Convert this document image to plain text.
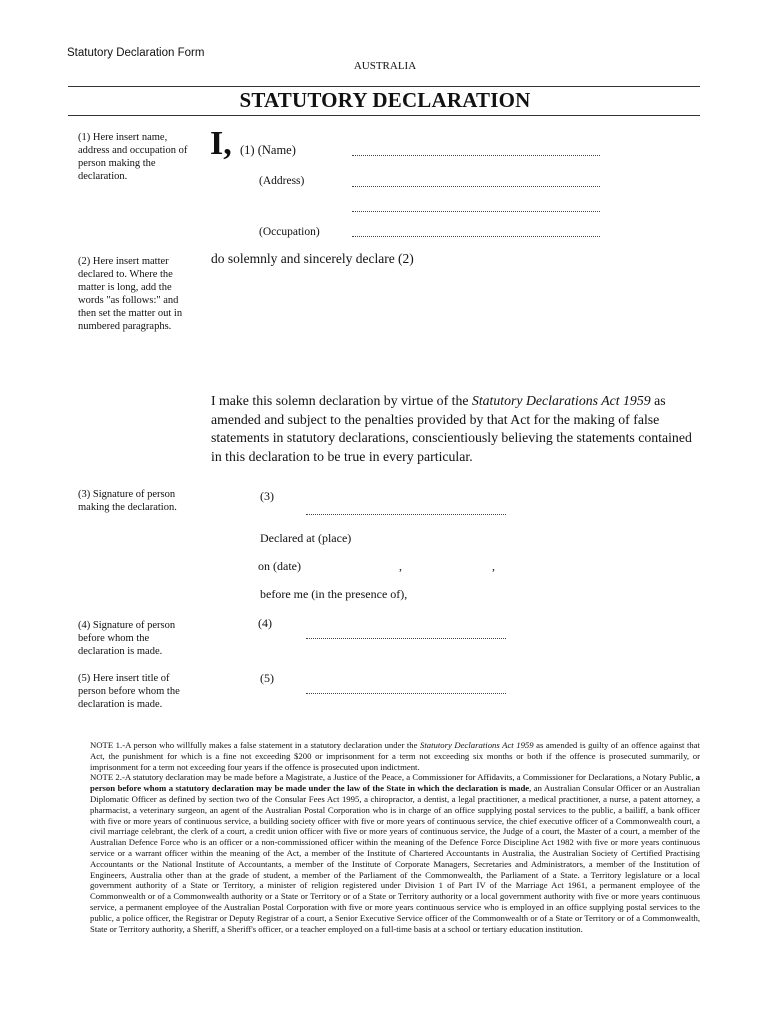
Statutory Declaration Form
AUSTRALIA
STATUTORY DECLARATION
(1) Here insert name, address and occupation of person making the declaration.
I, (1) (Name)
(Address)
(Occupation)
(2) Here insert matter declared to. Where the matter is long, add the words "as follows:" and then set the matter out in numbered paragraphs.
do solemnly and sincerely declare (2)
I make this solemn declaration by virtue of the Statutory Declarations Act 1959 as amended and subject to the penalties provided by that Act for the making of false statements in statutory declarations, conscientiously believing the statements contained in this declaration to be true in every particular.
(3) Signature of person making the declaration.
(3)
Declared at (place)
on (date)	,	,
before me (in the presence of),
(4) Signature of person before whom the declaration is made.
(4)
(5) Here insert title of person before whom the declaration is made.
(5)

NOTE 1.-A person who willfully makes a false statement in a statutory declaration under the Statutory Declarations Act 1959 as amended is guilty of an offence against that Act, the punishment for which is a fine not exceeding $200 or imprisonment for a term not exceeding six months or both if the offence is prosecuted summarily, or imprisonment for a term not exceeding four years if the offence is prosecuted upon indictment.

NOTE 2.-A statutory declaration may be made before a Magistrate, a Justice of the Peace, a Commissioner for Affidavits, a Commissioner for Declarations, a Notary Public, a person before whom a statutory declaration may be made under the law of the State in which the declaration is made, an Australian Consular Officer or an Australian Diplomatic Officer as defined by section two of the Consular Fees Act 1995, a chiropractor, a dentist, a legal practitioner, a medical practitioner, a nurse, a patent attorney, a pharmacist, a veterinary surgeon, an agent of the Australian Postal Corporation who is in charge of an office supplying postal services to the public, a bailiff, a bank officer with five or more years of continuous service, a building society officer with five or more years of continuous service, the chief executive officer of a Commonwealth court, a civil marriage celebrant, the clerk of a court, a credit union officer with five or more years of continuous service, the Judge of a court, the Master of a court, a member of the Australian Defence Force who is an officer or a non-commissioned officer within the meaning of the Defence Force Discipline Act 1982 with five or more years continuous service or a warrant officer within the meaning of the Act, a member of the Institute of Chartered Accountants in Australia, the Australian Society of Certified Practising Accountants or the National Institute of Accountants, a member of the Institute of Corporate Managers, Secretaries and Administrators, a member of the Institution of Engineers, Australia other than at the grade of student, a member of the Parliament of the Commonwealth, the Parliament of a State. a Territory legislature or a local government authority of a State or Territory, a minister of religion registered under Division 1 of Part IV of the Marriage Act 1961, a permanent employee of the Commonwealth or of a Commonwealth authority or a State or Territory or of a State or Territory authority or a local government authority with five or more years continuous service, a permanent employee of the Australian Postal Corporation with five or more years continuous service who is employed in an office supplying postal services to the public, a police officer, the Registrar or Deputy Registrar of a court, a Senior Executive Service officer of the Commonwealth or of a State or Territory or of a Commonwealth, State or Territory authority, a Sheriff, a Sheriff's officer, or a teacher employed on a full-time basis at a school or tertiary education institution.
